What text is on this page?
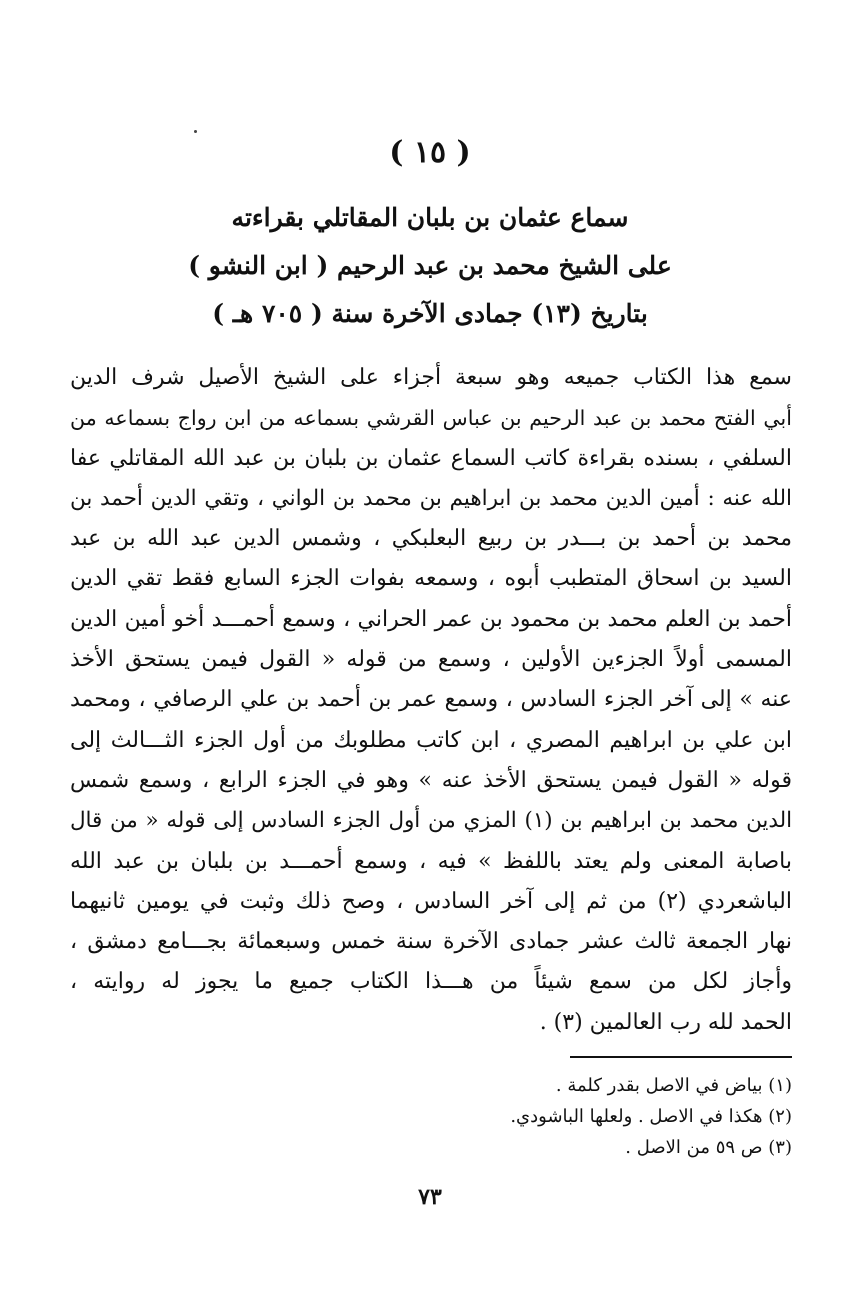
( ١٥ )
سماع عثمان بن بلبان المقاتلي بقراءته
على الشيخ محمد بن عبد الرحيم ( ابن النشو )
بتاريخ (١٣) جمادى الآخرة سنة ( ٧٠٥ هـ )
سمع هذا الكتاب جميعه وهو سبعة أجزاء على الشيخ الأصيل شرف الدين
أبي الفتح محمد بن عبد الرحيم بن عباس القرشي بسماعه من ابن رواج بسماعه من
السلفي ، بسنده بقراءة كاتب السماع عثمان بن بلبان بن عبد الله المقاتلي عفا
الله عنه : أمين الدين محمد بن ابراهيم بن محمد بن الواني ، وتقي الدين أحمد بن
محمد بن أحمد بن بـــدر بن ربيع البعلبكي ، وشمس الدين عبد الله بن عبد
السيد بن اسحاق المتطبب أبوه ، وسمعه بفوات الجزء السابع فقط تقي الدين
أحمد بن العلم محمد بن محمود بن عمر الحراني ، وسمع أحمـــد أخو أمين الدين
المسمى أولاً الجزءين الأولين ، وسمع من قوله « القول فيمن يستحق الأخذ
عنه » إلى آخر الجزء السادس ، وسمع عمر بن أحمد بن علي الرصافي ، ومحمد
ابن علي بن ابراهيم المصري ، ابن كاتب مطلوبك من أول الجزء الثـــالث إلى
قوله « القول فيمن يستحق الأخذ عنه » وهو في الجزء الرابع ، وسمع شمس
الدين محمد بن ابراهيم بن (١) المزي من أول الجزء السادس إلى قوله « من قال
باصابة المعنى ولم يعتد باللفظ » فيه ، وسمع أحمـــد بن بلبان بن عبد الله
الباشعردي (٢) من ثم إلى آخر السادس ، وصح ذلك وثبت في يومين ثانيهما
نهار الجمعة ثالث عشر جمادى الآخرة سنة خمس وسبعمائة بجـــامع دمشق ،
وأجاز لكل من سمع شيئاً من هـــذا الكتاب جميع ما يجوز له روايته ،
الحمد لله رب العالمين (٣) .
(١) بياض في الاصل بقدر كلمة .
(٢) هكذا في الاصل . ولعلها الباشودي.
(٣) ص ٥٩ من الاصل .
٧٣
